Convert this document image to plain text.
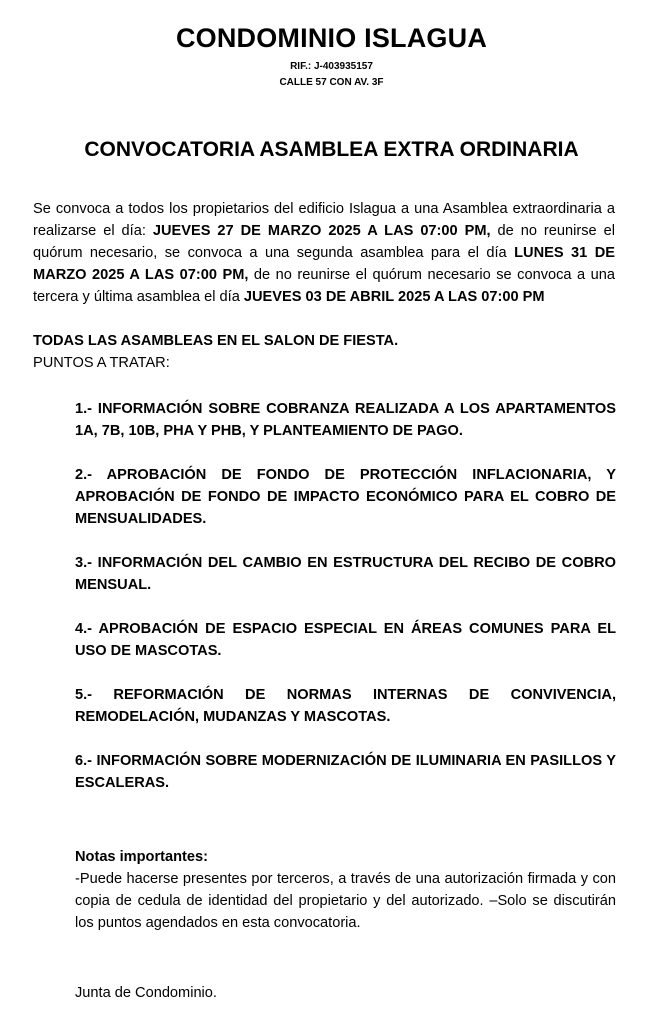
CONDOMINIO ISLAGUA
RIF.: J-403935157
CALLE 57 CON AV. 3F
CONVOCATORIA ASAMBLEA EXTRA ORDINARIA
Se convoca a todos los propietarios del edificio Islagua a una Asamblea extraordinaria a realizarse el día: JUEVES 27 DE MARZO 2025 A LAS 07:00 PM, de no reunirse el quórum necesario, se convoca a una segunda asamblea para el día LUNES 31 DE MARZO 2025 A LAS 07:00 PM, de no reunirse el quórum necesario se convoca a una tercera y última asamblea el día JUEVES 03 DE ABRIL 2025 A LAS 07:00 PM
TODAS LAS ASAMBLEAS EN EL SALON DE FIESTA.
PUNTOS A TRATAR:

1.- INFORMACIÓN SOBRE COBRANZA REALIZADA A LOS APARTAMENTOS 1A, 7B, 10B, PHA Y PHB, Y PLANTEAMIENTO DE PAGO.

2.- APROBACIÓN DE FONDO DE PROTECCIÓN INFLACIONARIA, Y APROBACIÓN DE FONDO DE IMPACTO ECONÓMICO PARA EL COBRO DE MENSUALIDADES.

3.- INFORMACIÓN DEL CAMBIO EN ESTRUCTURA DEL RECIBO DE COBRO MENSUAL.

4.- APROBACIÓN DE ESPACIO ESPECIAL EN ÁREAS COMUNES PARA EL USO DE MASCOTAS.

5.- REFORMACIÓN DE NORMAS INTERNAS DE CONVIVENCIA, REMODELACIÓN, MUDANZAS Y MASCOTAS.

6.- INFORMACIÓN SOBRE MODERNIZACIÓN DE ILUMINARIA EN PASILLOS Y ESCALERAS.

Notas importantes:
-Puede hacerse presentes por terceros, a través de una autorización firmada y con copia de cedula de identidad del propietario y del autorizado. –Solo se discutirán los puntos agendados en esta convocatoria.
Junta de Condominio.
